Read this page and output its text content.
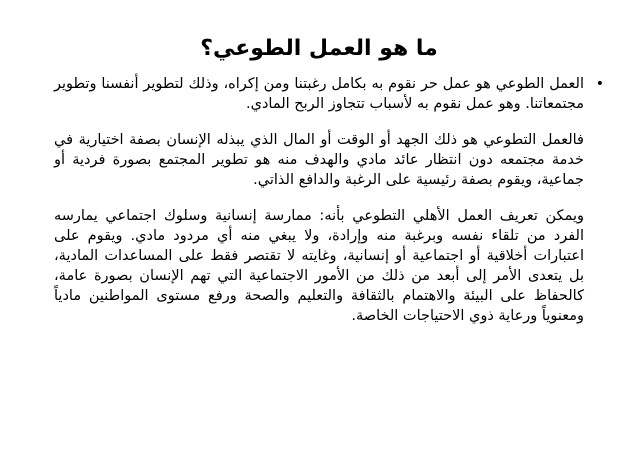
ما هو العمل الطوعي؟

•
العمل الطوعي هو عمل حر نقوم به بكامل رغبتنا ومن إكراه، وذلك لتطوير أنفسنا وتطوير مجتمعاتنا. وهو عمل نقوم به لأسباب تتجاوز الربح المادي.

فالعمل التطوعي هو ذلك الجهد أو الوقت أو المال الذي يبذله الإنسان بصفة اختيارية في خدمة مجتمعه دون انتظار عائد مادي والهدف منه هو تطوير المجتمع بصورة فردية أو جماعية، ويقوم بصفة رئيسية على الرغبة والدافع الذاتي.

ويمكن تعريف العمل الأهلي التطوعي بأنه: ممارسة إنسانية وسلوك اجتماعي يمارسه الفرد من تلقاء نفسه وبرغبة منه وإرادة، ولا يبغي منه أي مردود مادي. ويقوم على اعتبارات أخلاقية أو اجتماعية أو إنسانية، وغايته لا تقتصر فقط على المساعدات المادية، بل يتعدى الأمر إلى أبعد من ذلك من الأمور الاجتماعية التي تهم الإنسان بصورة عامة، كالحفاظ على البيئة والاهتمام بالثقافة والتعليم والصحة ورفع مستوى المواطنين مادياً ومعنوياً ورعاية ذوي الاحتياجات الخاصة.
